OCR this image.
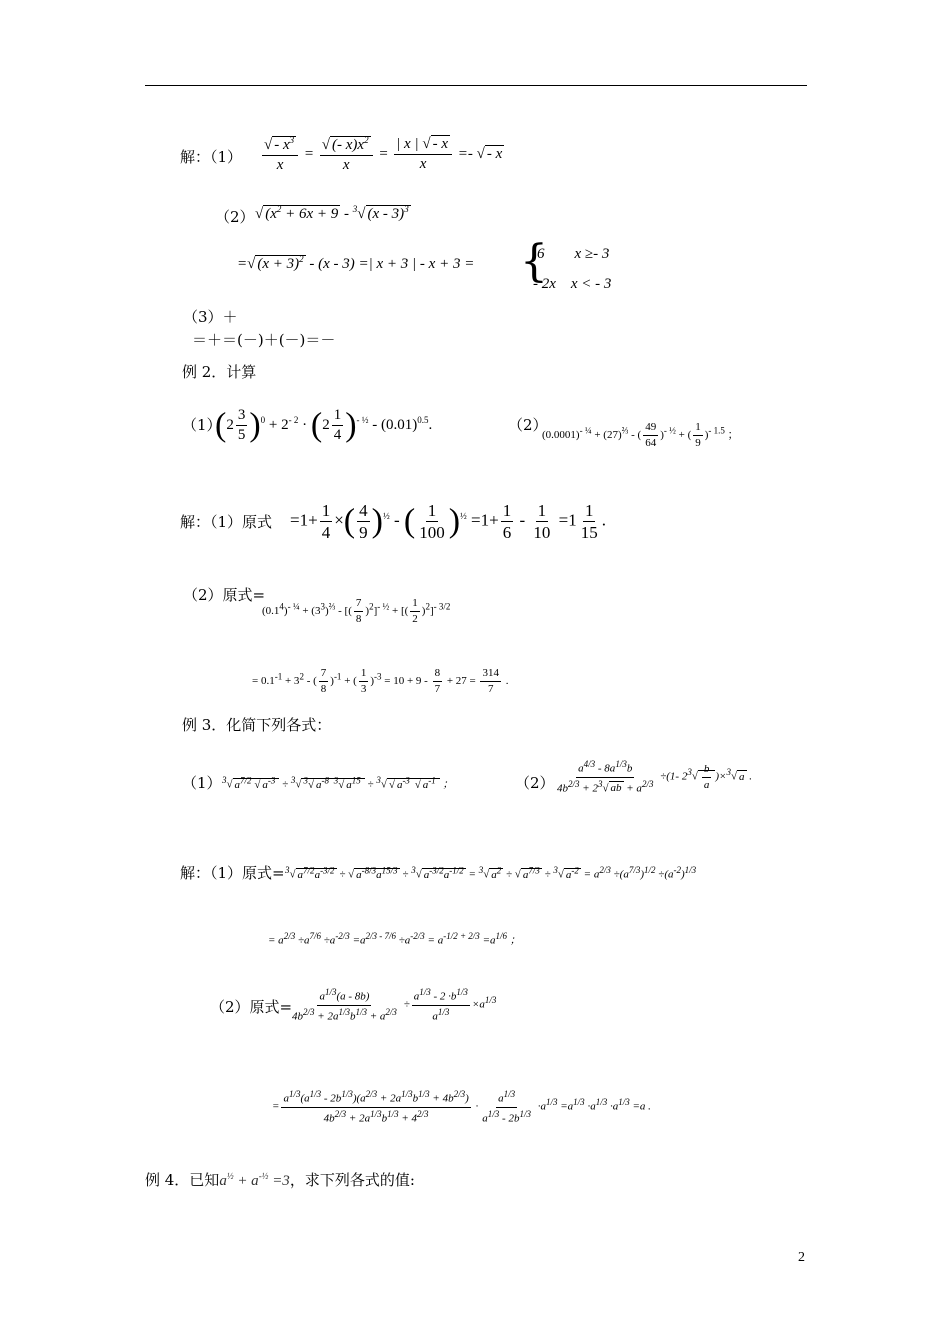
解：$(1) \frac{√ - x^3}{x} = \frac{√ (- x)x^2}{x} = \frac{| x | √ - x}{x}$ =- √ - x
（2） √ ($x^2 + 6x + 9 - ^3√$ (x - 3)$^3$
=√ $(x + 3)^2 - (x - 3)$ =| x + 3 | - x + 3 = {
6        x ≥- 3
- 2x    x < - 3
（3）＋
＝＋＝(－)＋(－)＝－
例 2．计算
（1）
$(2 \frac{3}{5} )^0 + 2^{- 2} \cdot (2 \frac{1}{4} )^{- \frac{1}{2}} - (0.01)^{0.5}$.	（2）
$(0.0001)^{- \frac{1}{4}} + (27)^{\frac{2}{3}}$ - ( $\frac{49}{64} )^{- \frac{1}{2}}$ + ( $\frac{1}{9} )^{- 1.5}$ ；
解：（1）原式 $=1+ \frac{1}{4}$ ×( $\frac{4}{9} )^{\frac{1}{2}}$ - ( $\frac{1}{100} )^{\frac{1}{2}} =1+ \frac{1}{6} - \frac{1}{10} =1 \frac{1}{15}$ .
（2）原式=
$(0.1^4)^{- \frac{1}{4}} + (3^3)^{\frac{2}{3}}$ - [( $\frac{7}{8} )^2]^{- \frac{1}{2}}$ + [( $\frac{1}{2} )^2]^{- 3/2}$
= $0.1^{-1} + 3^2$ - ( $\frac{7}{8} )^{-1}$ + ( $\frac{1}{3} )^{-3} = 10 + 9 - \frac{8}{7} + 27 = \frac{314}{7}$ .
例 3．化简下列各式：
（1） $^3$√ $a^{7/2}$ √ $a^{-3} \div ^3√$ $^3$√ $a^{-8}$ $^3$√ $a^{15} \div ^3√$ √ $a^{-3}$ √ $a^{-1}$ ；	$(2) \frac{a^{4/3} - 8a^{1/3}b}{4b^{2/3} + 2^3√ ab + a^{2/3}} \div(1-$ $2^3√ \frac{b}{a} )\times^3√$ a .
解：（1）原式= $^3$√ $a^{7/2}a^{-3/2}$ ÷ √ $a^{-8/3}a^{15/3} \div ^3√$ $a^{-3/2}a^{-1/2} = ^3√$ $a^2$ ÷ √ $a^{7/3} \div ^3√$ $a^{-2} = a^{2/3} \div(a^{7/3})^{1/2} \div(a^{-2})^{1/3}$
= $a^{2/3} \div a^{7/6} \div a^{-2/3} =a^{2/3 - 7/6} \div a^{-2/3} = a^{-1/2 + 2/3} =a^{1/6}$ ；
（2）原式=
$\frac{a^{1/3}(a - 8b)}{4b^{2/3} + 2a^{1/3}b^{1/3} + a^{2/3}} \div \frac{a^{1/3} - 2 \cdot b^{1/3}}{a^{1/3}} \times a^{1/3}$
= $\frac{a^{1/3}(a^{1/3} - 2b^{1/3})(a^{2/3} + 2a^{1/3}b^{1/3} + 4b^{2/3})}{4b^{2/3} + 2a^{1/3}b^{1/3} + 4^{2/3}} \cdot \frac{a^{1/3}}{a^{1/3} - 2b^{1/3}} \cdot a^{1/3} =a^{1/3} \cdot a^{1/3} \cdot a^{1/3} =a$ .
例 4．已知$a^{\frac{1}{2}} + a^{-\frac{1}{2}} =3$，求下列各式的值:
2
